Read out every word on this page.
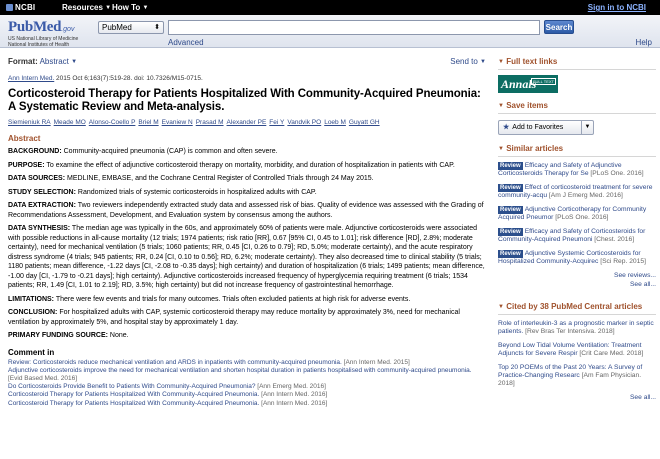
NCBI	Resources ▼ How To ▼	Sign in to NCBI
PubMed.gov
US National Library of Medicine
National Institutes of Health
PubMed	⬍	Search
Advanced	Help
Format: Abstract ▼	Send to ▼
Ann Intern Med. 2015 Oct 6;163(7):519-28. doi: 10.7326/M15-0715.
Corticosteroid Therapy for Patients Hospitalized With Community-Acquired Pneumonia: A Systematic Review and Meta-analysis.
Siemieniuk RA Meade MO Alonso-Coello P Briel M Evaniew N Prasad M Alexander PE Fei Y Vandvik PO Loeb M Guyatt GH
Abstract

BACKGROUND: Community-acquired pneumonia (CAP) is common and often severe.

PURPOSE: To examine the effect of adjunctive corticosteroid therapy on mortality, morbidity, and duration of hospitalization in patients with CAP.

DATA SOURCES: MEDLINE, EMBASE, and the Cochrane Central Register of Controlled Trials through 24 May 2015.

STUDY SELECTION: Randomized trials of systemic corticosteroids in hospitalized adults with CAP.

DATA EXTRACTION: Two reviewers independently extracted study data and assessed risk of bias. Quality of evidence was assessed with the Grading of Recommendations Assessment, Development, and Evaluation system by consensus among the authors.

DATA SYNTHESIS: The median age was typically in the 60s, and approximately 60% of patients were male. Adjunctive corticosteroids were associated with possible reductions in all-cause mortality (12 trials; 1974 patients; risk ratio [RR], 0.67 [95% CI, 0.45 to 1.01]; risk difference [RD], 2.8%; moderate certainty), need for mechanical ventilation (5 trials; 1060 patients; RR, 0.45 [CI, 0.26 to 0.79]; RD, 5.0%; moderate certainty), and the acute respiratory distress syndrome (4 trials; 945 patients; RR, 0.24 [CI, 0.10 to 0.56]; RD, 6.2%; moderate certainty). They also decreased time to clinical stability (5 trials; 1180 patients; mean difference, -1.22 days [CI, -2.08 to -0.35 days]; high certainty) and duration of hospitalization (6 trials; 1499 patients; mean difference, -1.00 day [CI, -1.79 to -0.21 days]; high certainty). Adjunctive corticosteroids increased frequency of hyperglycemia requiring treatment (6 trials; 1534 patients; RR, 1.49 [CI, 1.01 to 2.19]; RD, 3.5%; high certainty) but did not increase frequency of gastrointestinal hemorrhage.

LIMITATIONS: There were few events and trials for many outcomes. Trials often excluded patients at high risk for adverse events.

CONCLUSION: For hospitalized adults with CAP, systemic corticosteroid therapy may reduce mortality by approximately 3%, need for mechanical ventilation by approximately 5%, and hospital stay by approximately 1 day.

PRIMARY FUNDING SOURCE: None.

Comment in
Review: Corticosteroids reduce mechanical ventilation and ARDS in inpatients with community-acquired pneumonia. [Ann Intern Med. 2015]
Adjunctive corticosteroids improve the need for mechanical ventilation and shorten hospital duration in patients hospitalised with community-acquired pneumonia. [Evid Based Med. 2016]
Do Corticosteroids Provide Benefit to Patients With Community-Acquired Pneumonia? [Ann Emerg Med. 2016]
Corticosteroid Therapy for Patients Hospitalized With Community-Acquired Pneumonia. [Ann Intern Med. 2016]
Corticosteroid Therapy for Patients Hospitalized With Community-Acquired Pneumonia. [Ann Intern Med. 2016]
▼ Full text links
Annals
FULL TEXT
▼ Save items
★ Add to Favorites	▼
▼ Similar articles
Review Efficacy and Safety of Adjunctive Corticosteroids Therapy for Se [PLoS One. 2016]
Review Effect of corticosteroid treatment for severe community-acqu [Am J Emerg Med. 2016]
Review Adjunctive Corticotherapy for Community Acquired Pneumor [PLoS One. 2016]
Review Efficacy and Safety of Corticosteroids for Community-Acquired Pneumoni [Chest. 2016]
Review Adjunctive Systemic Corticosteroids for Hospitalized Community-Acquirec [Sci Rep. 2015]
See reviews...
See all...
▼ Cited by 38 PubMed Central articles
Role of interleukin-3 as a prognostic marker in septic patients. [Rev Bras Ter Intensiva. 2018]
Beyond Low Tidal Volume Ventilation: Treatment Adjuncts for Severe Respir [Crit Care Med. 2018]
Top 20 POEMs of the Past 20 Years: A Survey of Practice-Changing Researc [Am Fam Physician. 2018]
See all...
